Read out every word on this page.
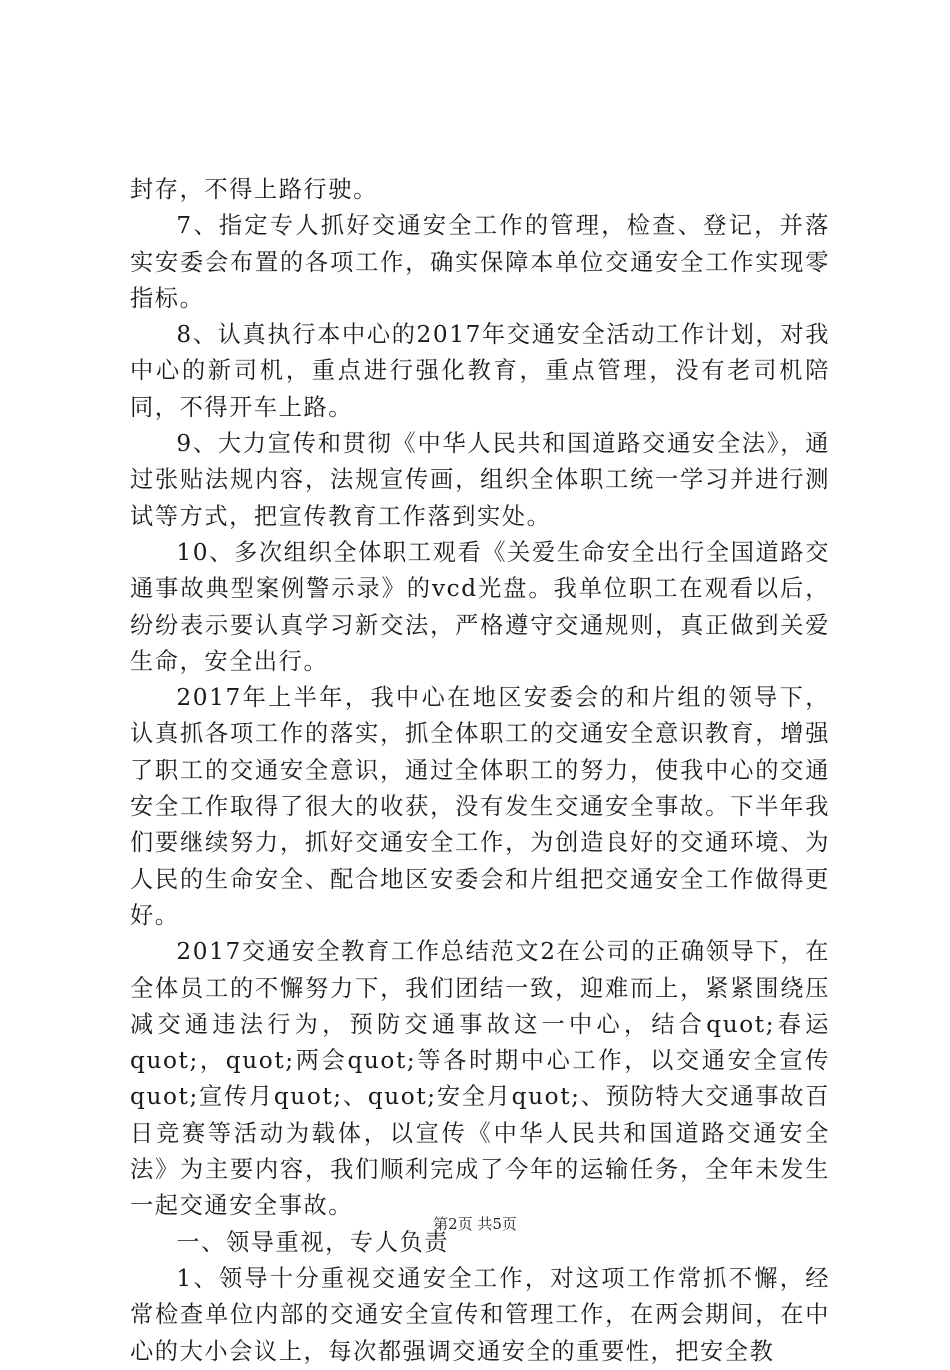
封存，不得上路行驶。

7、指定专人抓好交通安全工作的管理，检查、登记，并落实安委会布置的各项工作，确实保障本单位交通安全工作实现零指标。

8、认真执行本中心的2017年交通安全活动工作计划，对我中心的新司机，重点进行强化教育，重点管理，没有老司机陪同，不得开车上路。

9、大力宣传和贯彻《中华人民共和国道路交通安全法》，通过张贴法规内容，法规宣传画，组织全体职工统一学习并进行测试等方式，把宣传教育工作落到实处。

10、多次组织全体职工观看《关爱生命安全出行全国道路交通事故典型案例警示录》的vcd光盘。我单位职工在观看以后，纷纷表示要认真学习新交法，严格遵守交通规则，真正做到关爱生命，安全出行。

2017年上半年，我中心在地区安委会的和片组的领导下，认真抓各项工作的落实，抓全体职工的交通安全意识教育，增强了职工的交通安全意识，通过全体职工的努力，使我中心的交通安全工作取得了很大的收获，没有发生交通安全事故。下半年我们要继续努力，抓好交通安全工作，为创造良好的交通环境、为人民的生命安全、配合地区安委会和片组把交通安全工作做得更好。

2017交通安全教育工作总结范文2在公司的正确领导下，在全体员工的不懈努力下，我们团结一致，迎难而上，紧紧围绕压减交通违法行为，预防交通事故这一中心，结合quot;春运quot;，quot;两会quot;等各时期中心工作，以交通安全宣传quot;宣传月quot;、quot;安全月quot;、预防特大交通事故百日竞赛等活动为载体，以宣传《中华人民共和国道路交通安全法》为主要内容，我们顺利完成了今年的运输任务，全年未发生一起交通安全事故。

一、领导重视，专人负责

1、领导十分重视交通安全工作，对这项工作常抓不懈，经常检查单位内部的交通安全宣传和管理工作，在两会期间，在中心的大小会议上，每次都强调交通安全的重要性，把安全教

第2页 共5页
